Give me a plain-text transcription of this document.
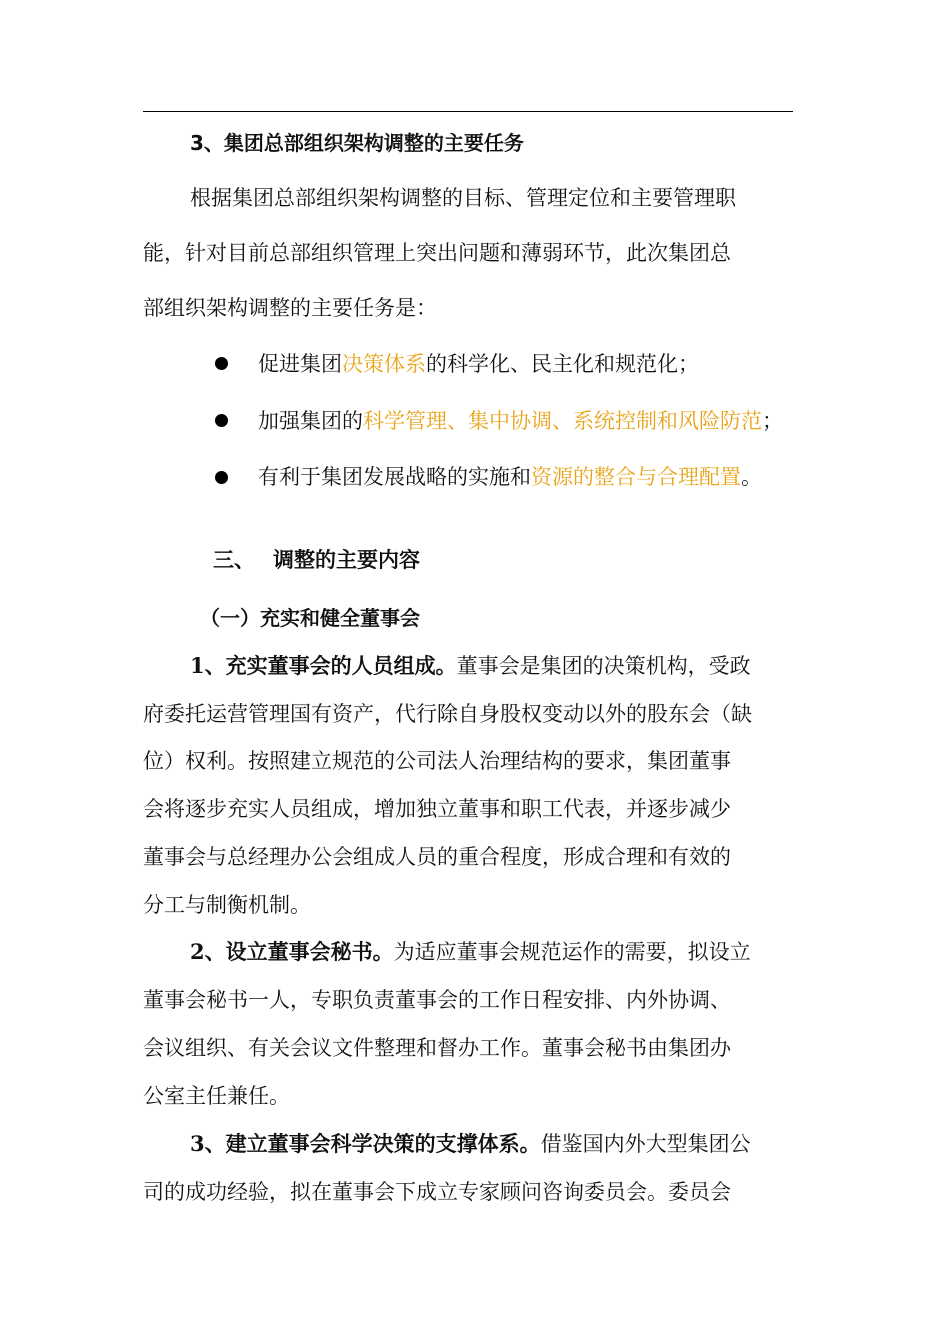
3、集团总部组织架构调整的主要任务
根据集团总部组织架构调整的目标、管理定位和主要管理职
能，针对目前总部组织管理上突出问题和薄弱环节，此次集团总
部组织架构调整的主要任务是：
促进集团决策体系的科学化、民主化和规范化；
加强集团的科学管理、集中协调、系统控制和风险防范；
有利于集团发展战略的实施和资源的整合与合理配置。
三、 调整的主要内容
（一）充实和健全董事会
1、充实董事会的人员组成。董事会是集团的决策机构，受政
府委托运营管理国有资产，代行除自身股权变动以外的股东会（缺
位）权利。按照建立规范的公司法人治理结构的要求，集团董事
会将逐步充实人员组成，增加独立董事和职工代表，并逐步减少
董事会与总经理办公会组成人员的重合程度，形成合理和有效的
分工与制衡机制。
2、设立董事会秘书。为适应董事会规范运作的需要，拟设立
董事会秘书一人，专职负责董事会的工作日程安排、内外协调、
会议组织、有关会议文件整理和督办工作。董事会秘书由集团办
公室主任兼任。
3、建立董事会科学决策的支撑体系。借鉴国内外大型集团公
司的成功经验，拟在董事会下成立专家顾问咨询委员会。委员会
